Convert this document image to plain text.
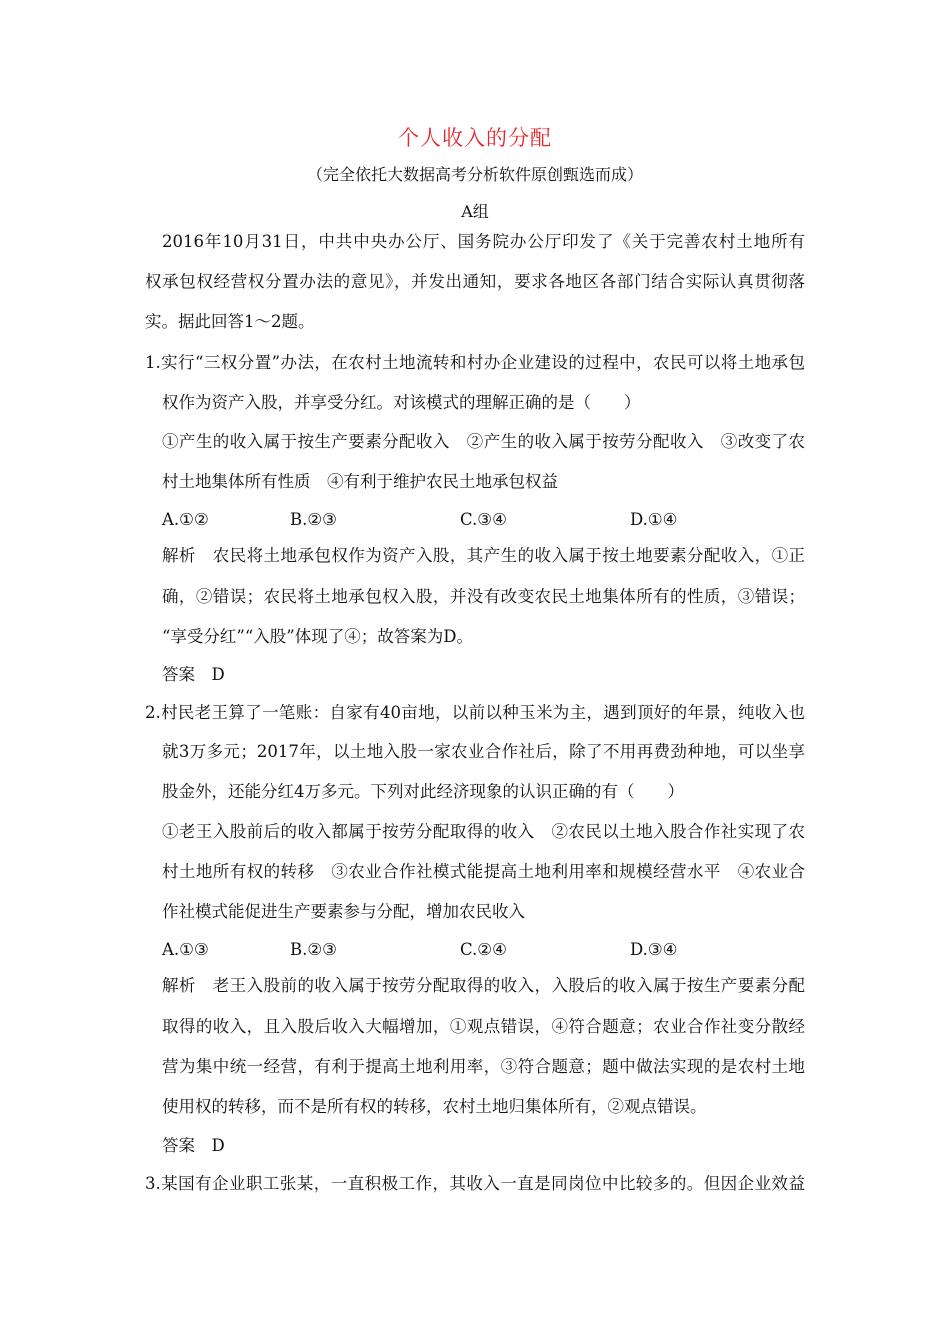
个人收入的分配
（完全依托大数据高考分析软件原创甄选而成）
A组
2016年10月31日，中共中央办公厅、国务院办公厅印发了《关于完善农村土地所有
权承包权经营权分置办法的意见》，并发出通知，要求各地区各部门结合实际认真贯彻落
实。据此回答1～2题。
1.实行“三权分置”办法，在农村土地流转和村办企业建设的过程中，农民可以将土地承包
权作为资产入股，并享受分红。对该模式的理解正确的是（　　）
①产生的收入属于按生产要素分配收入　②产生的收入属于按劳分配收入　③改变了农
村土地集体所有性质　④有利于维护农民土地承包权益
A.①②	B.②③	C.③④	D.①④
解析　农民将土地承包权作为资产入股，其产生的收入属于按土地要素分配收入，①正
确，②错误；农民将土地承包权入股，并没有改变农民土地集体所有的性质，③错误；
“享受分红”“入股”体现了④；故答案为D。
答案　D
2.村民老王算了一笔账：自家有40亩地，以前以种玉米为主，遇到顶好的年景，纯收入也
就3万多元；2017年，以土地入股一家农业合作社后，除了不用再费劲种地，可以坐享
股金外，还能分红4万多元。下列对此经济现象的认识正确的有（　　）
①老王入股前后的收入都属于按劳分配取得的收入　②农民以土地入股合作社实现了农
村土地所有权的转移　③农业合作社模式能提高土地利用率和规模经营水平　④农业合
作社模式能促进生产要素参与分配，增加农民收入
A.①③	B.②③	C.②④	D.③④
解析　老王入股前的收入属于按劳分配取得的收入，入股后的收入属于按生产要素分配
取得的收入，且入股后收入大幅增加，①观点错误，④符合题意；农业合作社变分散经
营为集中统一经营，有利于提高土地利用率，③符合题意；题中做法实现的是农村土地
使用权的转移，而不是所有权的转移，农村土地归集体所有，②观点错误。
答案　D
3.某国有企业职工张某，一直积极工作，其收入一直是同岗位中比较多的。但因企业效益
